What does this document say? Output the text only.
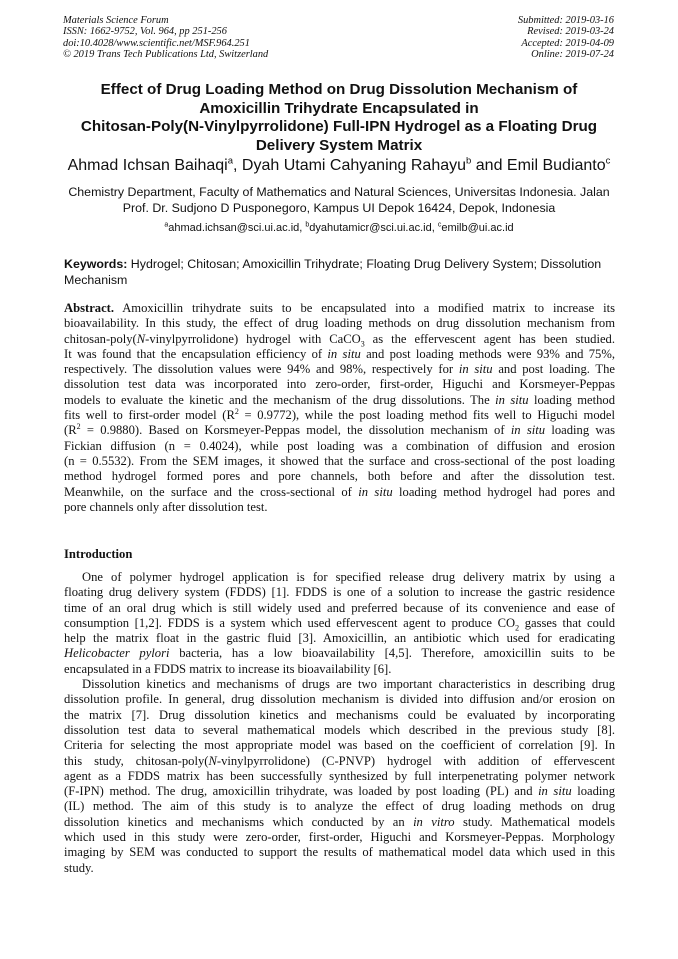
Materials Science Forum
ISSN: 1662-9752, Vol. 964, pp 251-256
doi:10.4028/www.scientific.net/MSF.964.251
© 2019 Trans Tech Publications Ltd, Switzerland
Submitted: 2019-03-16
Revised: 2019-03-24
Accepted: 2019-04-09
Online: 2019-07-24
Effect of Drug Loading Method on Drug Dissolution Mechanism of
Amoxicillin Trihydrate Encapsulated in
Chitosan-Poly(N-Vinylpyrrolidone) Full-IPN Hydrogel as a Floating Drug
Delivery System Matrix
Ahmad Ichsan Baihaqi$^a$, Dyah Utami Cahyaning Rahayu$^b$ and Emil Budianto$^c$
Chemistry Department, Faculty of Mathematics and Natural Sciences, Universitas Indonesia. Jalan
Prof. Dr. Sudjono D Pusponegoro, Kampus UI Depok 16424, Depok, Indonesia
$^a$ahmad.ichsan@sci.ui.ac.id, $^b$dyahutamicr@sci.ui.ac.id, $^c$emilb@ui.ac.id
Keywords: Hydrogel; Chitosan; Amoxicillin Trihydrate; Floating Drug Delivery System; Dissolution Mechanism
Abstract. Amoxicillin trihydrate suits to be encapsulated into a modified matrix to increase its
bioavailability. In this study, the effect of drug loading methods on drug dissolution mechanism from
chitosan-poly(N-vinylpyrrolidone) hydrogel with CaCO$_3$ as the effervescent agent has been studied.
It was found that the encapsulation efficiency of in situ and post loading methods were 93% and 75%,
respectively. The dissolution values were 94% and 98%, respectively for in situ and post loading. The
dissolution test data was incorporated into zero-order, first-order, Higuchi and Korsmeyer-Peppas
models to evaluate the kinetic and the mechanism of the drug dissolutions. The in situ loading method
fits well to first-order model $(R^2 = 0.9772)$, while the post loading method fits well to Higuchi model
$(R^2 = 0.9880)$. Based on Korsmeyer-Peppas model, the dissolution mechanism of in situ loading was
Fickian diffusion (n = 0.4024), while post loading was a combination of diffusion and erosion
(n = 0.5532). From the SEM images, it showed that the surface and cross-sectional of the post loading
method hydrogel formed pores and pore channels, both before and after the dissolution test.
Meanwhile, on the surface and the cross-sectional of in situ loading method hydrogel had pores and
pore channels only after dissolution test.
Introduction
One of polymer hydrogel application is for specified release drug delivery matrix by using a
floating drug delivery system (FDDS) [1]. FDDS is one of a solution to increase the gastric residence
time of an oral drug which is still widely used and preferred because of its convenience and ease of
consumption [1,2]. FDDS is a system which used effervescent agent to produce $CO_2$ gasses that could
help the matrix float in the gastric fluid [3]. Amoxicillin, an antibiotic which used for eradicating
Helicobacter pylori bacteria, has a low bioavailability [4,5]. Therefore, amoxicillin suits to be
encapsulated in a FDDS matrix to increase its bioavailability [6].
Dissolution kinetics and mechanisms of drugs are two important characteristics in describing drug
dissolution profile. In general, drug dissolution mechanism is divided into diffusion and/or erosion on
the matrix [7]. Drug dissolution kinetics and mechanisms could be evaluated by incorporating
dissolution test data to several mathematical models which described in the previous study [8].
Criteria for selecting the most appropriate model was based on the coefficient of correlation [9]. In
this study, chitosan-poly(N-vinylpyrrolidone) (C-PNVP) hydrogel with addition of effervescent
agent as a FDDS matrix has been successfully synthesized by full interpenetrating polymer network
(F-IPN) method. The drug, amoxicillin trihydrate, was loaded by post loading (PL) and in situ loading
(IL) method. The aim of this study is to analyze the effect of drug loading methods on drug
dissolution kinetics and mechanisms which conducted by an in vitro study. Mathematical models
which used in this study were zero-order, first-order, Higuchi and Korsmeyer-Peppas. Morphology
imaging by SEM was conducted to support the results of mathematical model data which used in this
study.
